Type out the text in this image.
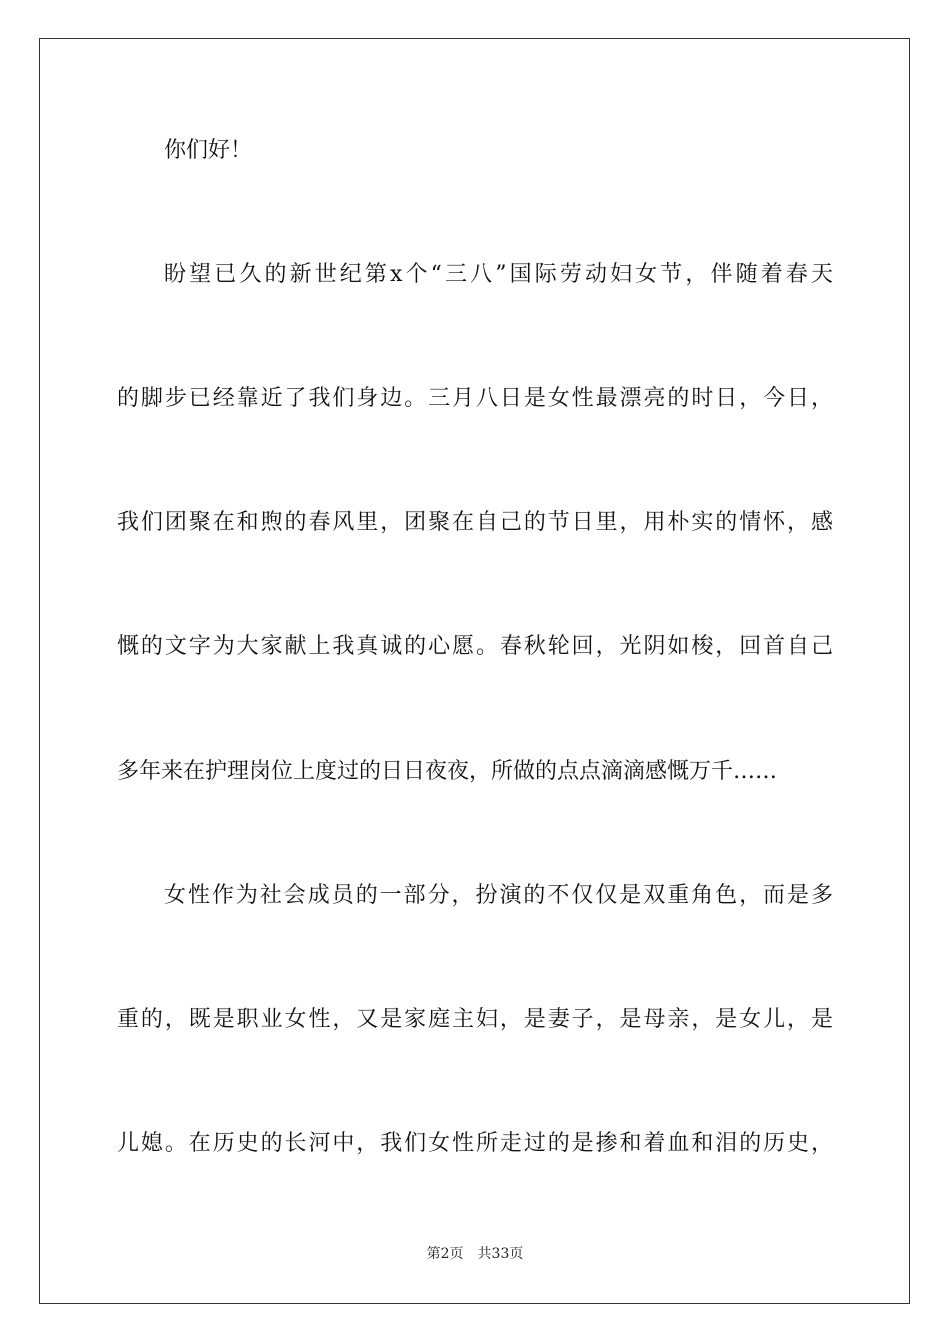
你们好！
盼望已久的新世纪第x个“三八”国际劳动妇女节，伴随着春天
的脚步已经靠近了我们身边。三月八日是女性最漂亮的时日，今日，
我们团聚在和煦的春风里，团聚在自己的节日里，用朴实的情怀，感
慨的文字为大家献上我真诚的心愿。春秋轮回，光阴如梭，回首自己
多年来在护理岗位上度过的日日夜夜，所做的点点滴滴感慨万千……
女性作为社会成员的一部分，扮演的不仅仅是双重角色，而是多
重的，既是职业女性，又是家庭主妇，是妻子，是母亲，是女儿，是
儿媳。在历史的长河中，我们女性所走过的是掺和着血和泪的历史，
第2页 共33页
